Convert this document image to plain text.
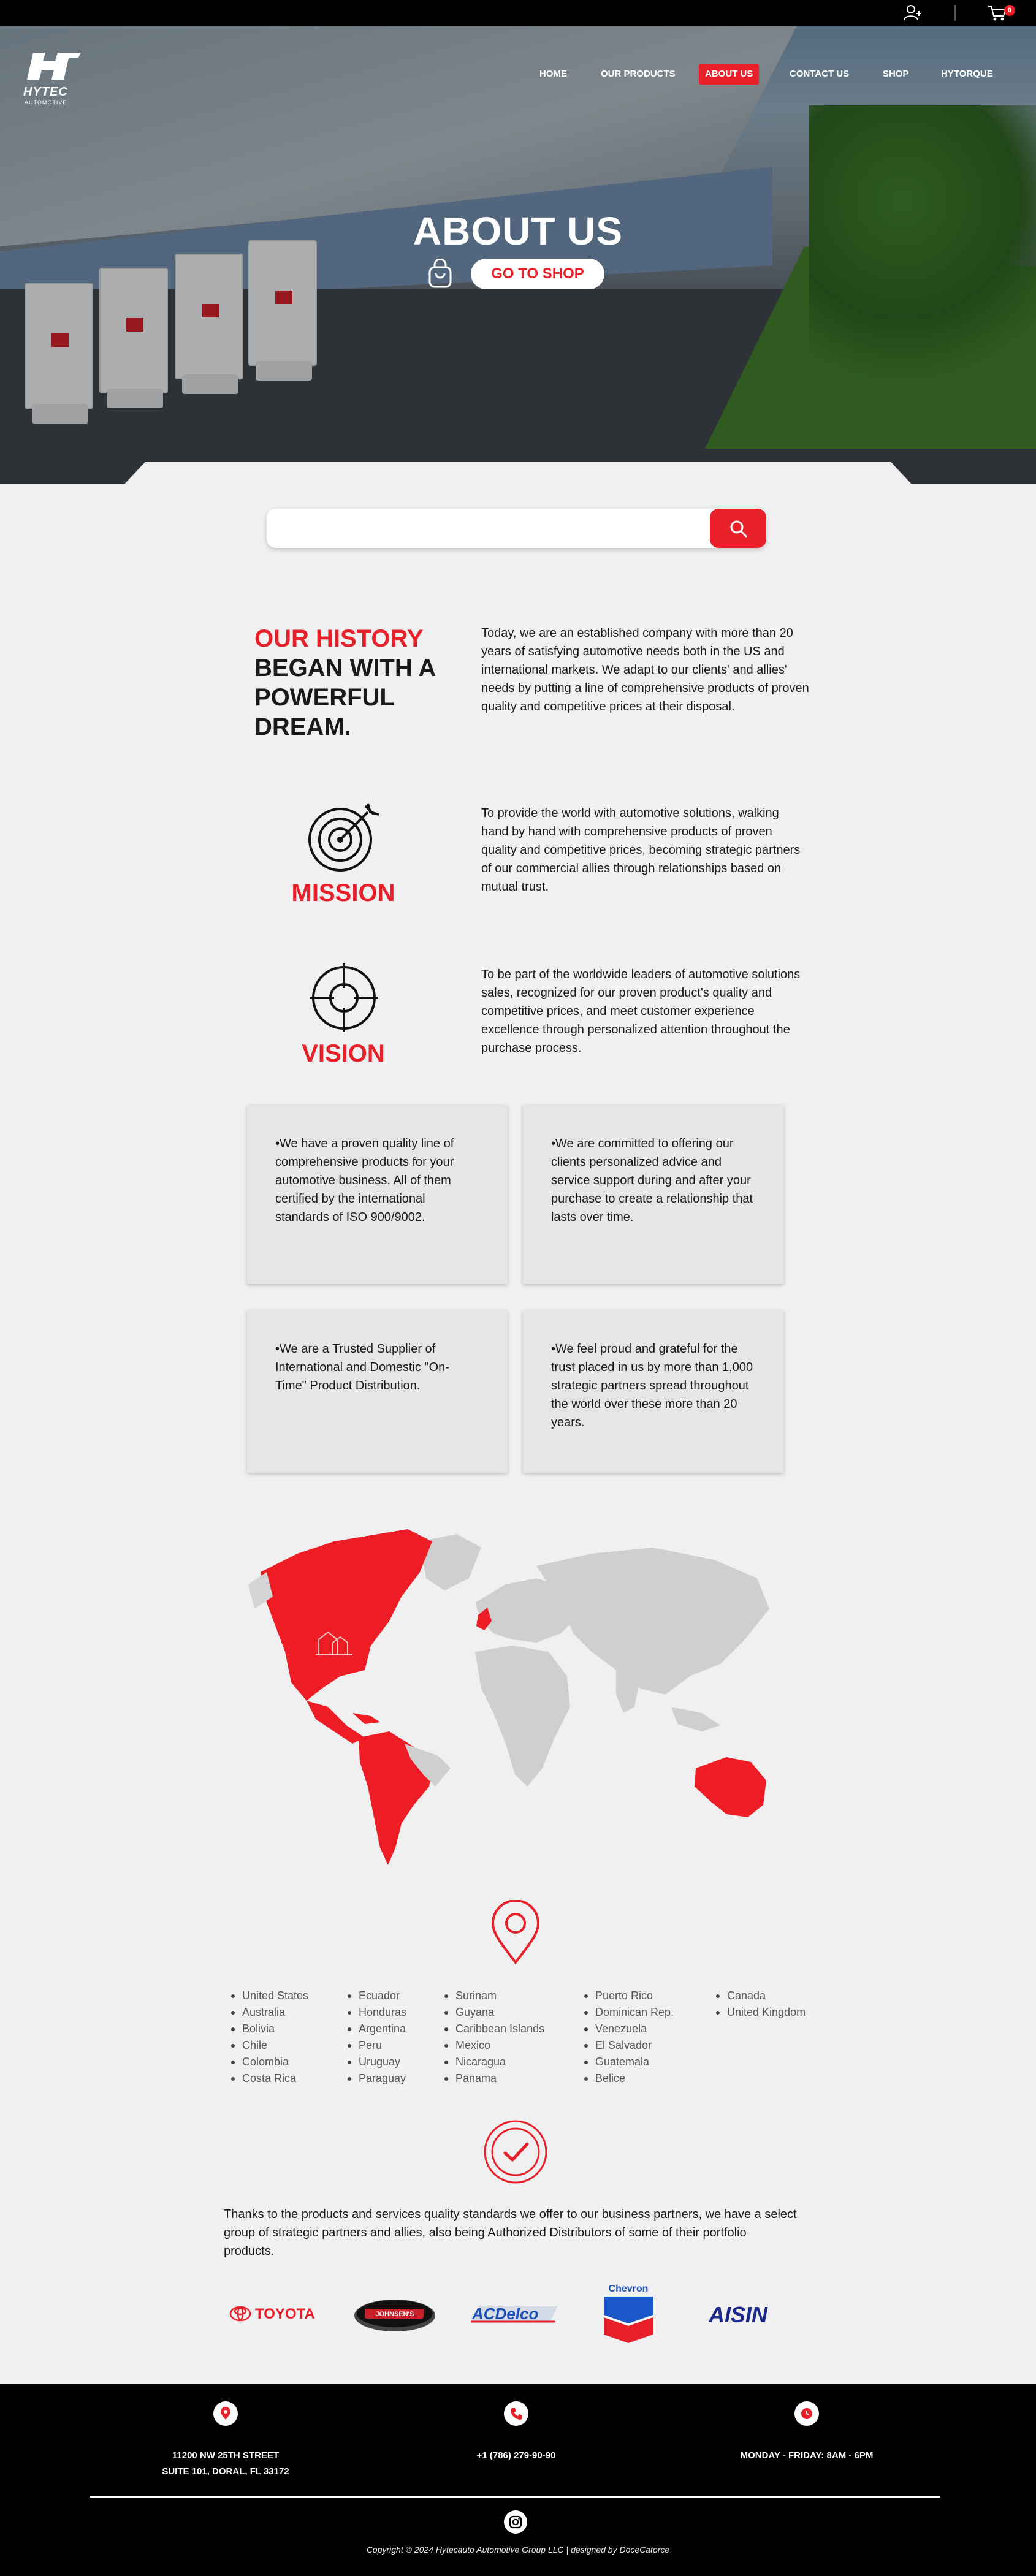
0
HYTEC
AUTOMOTIVE
HOME	OUR PRODUCTS	ABOUT US	CONTACT US	SHOP	HYTORQUE
ABOUT US
GO TO SHOP
OUR HISTORY
BEGAN WITH A POWERFUL DREAM.
Today, we are an established company with more than 20 years of satisfying automotive needs both in the US and international markets. We adapt to our clients' and allies' needs by putting a line of comprehensive products of proven quality and competitive prices at their disposal.
MISSION
To provide the world with automotive solutions, walking hand by hand with comprehensive products of proven quality and competitive prices, becoming strategic partners of our commercial allies through relationships based on mutual trust.
VISION
To be part of the worldwide leaders of automotive solutions sales, recognized for our proven product's quality and competitive prices, and meet customer experience excellence through personalized attention throughout the purchase process.
•We have a proven quality line of comprehensive products for your automotive business. All of them certified by the international standards of ISO 900/9002.
•We are committed to offering our clients personalized advice and service support during and after your purchase to create a relationship that lasts over time.
•We are a Trusted Supplier of International and Domestic "On-Time" Product Distribution.
•We feel proud and grateful for the trust placed in us by more than 1,000 strategic partners spread throughout the world over these more than 20 years.
United States
Australia
Bolivia
Chile
Colombia
Costa Rica
Ecuador
Honduras
Argentina
Peru
Uruguay
Paraguay
Surinam
Guyana
Caribbean Islands
Mexico
Nicaragua
Panama
Puerto Rico
Dominican Rep.
Venezuela
El Salvador
Guatemala
Belice
Canada
United Kingdom
Thanks to the products and services quality standards we offer to our business partners, we have a select group of strategic partners and allies, also being Authorized Distributors of some of their portfolio products.
TOYOTA	JOHNSEN'S	ACDelco
Chevron
AISIN
11200 NW 25TH STREET
SUITE 101, DORAL, FL 33172
+1 (786) 279-90-90	MONDAY - FRIDAY: 8AM - 6PM
Copyright © 2024 Hytecauto Automotive Group LLC | designed by DoceCatorce
